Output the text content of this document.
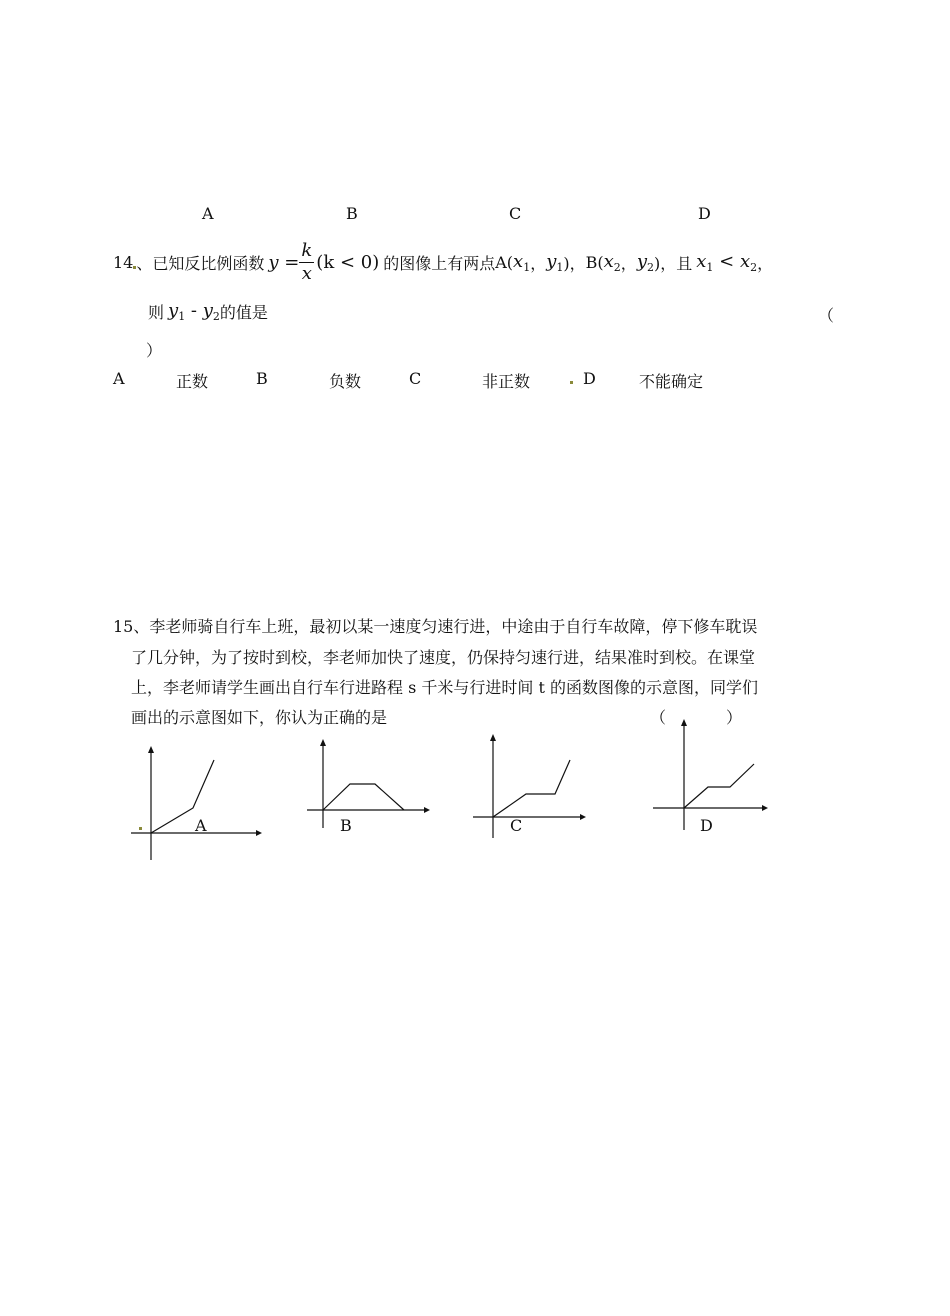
A	B	C	D
14 、 已知反比例函数 $y = \frac{k}{x} (k < 0)$ 的图像上有两点 A( $x_1$ ， $y_1$ )， B( $x_2$ ， $y_2$ )， 且 $x_1 < x_2$ ，
则 $y_1 - y_2$ 的值是	（
）
A	正数	B	负数	C	非正数	D	不能确定
15、李老师骑自行车上班，最初以某一速度匀速行进，中途由于自行车故障，停下修车耽误
了几分钟，为了按时到校，李老师加快了速度，仍保持匀速行进，结果准时到校。在课堂
上，李老师请学生画出自行车行进路程 s 千米与行进时间 t 的函数图像的示意图，同学们
画出的示意图如下，你认为正确的是	（	）
A	B	C	D
